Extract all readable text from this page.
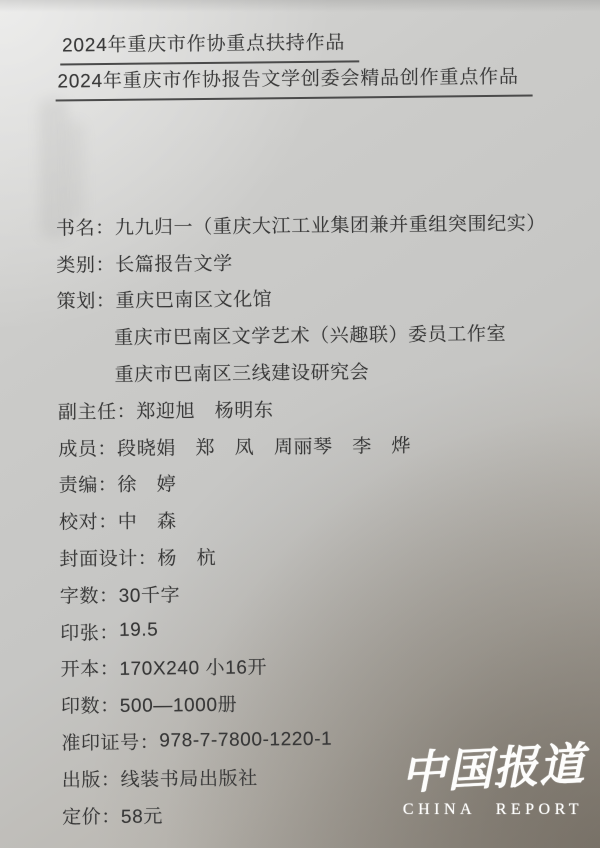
2024年重庆市作协重点扶持作品
2024年重庆市作协报告文学创委会精品创作重点作品
书名： 九九归一（重庆大江工业集团兼并重组突围纪实）
类别： 长篇报告文学
策划： 重庆巴南区文化馆
重庆市巴南区文学艺术（兴趣联）委员工作室
重庆市巴南区三线建设研究会
副主任： 郑迎旭　杨明东
成员： 段晓娟　郑　凤　周丽琴　李　烨
责编： 徐　婷
校对： 中　森
封面设计： 杨　杭
字数： 30千字
印张： 19.5
开本： 170X240 小16开
印数： 500—1000册
准印证号： 978-7-7800-1220-1
出版： 线装书局出版社
定价： 58元
中国报道
CHINA REPORT
